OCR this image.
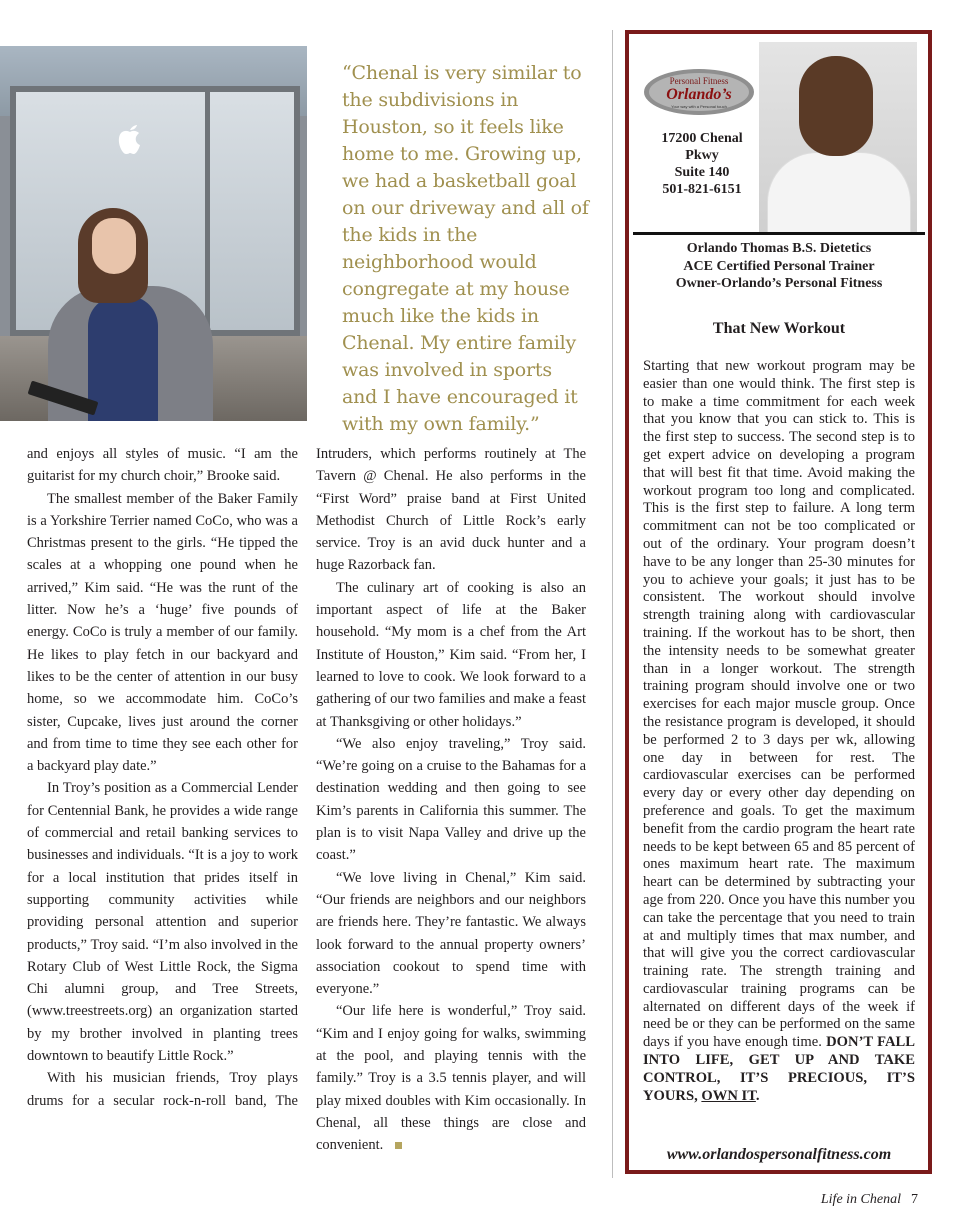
“Chenal is very similar to the subdivisions in Houston, so it feels like home to me. Growing up, we had a basketball goal on our driveway and all of the kids in the neighborhood would congregate at my house much like the kids in Chenal. My entire family was involved in sports and I have encouraged it with my own family.”

and enjoys all styles of music. “I am the guitarist for my church choir,” Brooke said.

The smallest member of the Baker Family is a Yorkshire Terrier named CoCo, who was a Christmas present to the girls. “He tipped the scales at a whopping one pound when he arrived,” Kim said. “He was the runt of the litter. Now he’s a ‘huge’ five pounds of energy. CoCo is truly a member of our family. He likes to play fetch in our backyard and likes to be the center of attention in our busy home, so we accommodate him. CoCo’s sister, Cupcake, lives just around the corner and from time to time they see each other for a backyard play date.”

In Troy’s position as a Commercial Lender for Centennial Bank, he provides a wide range of commercial and retail banking services to businesses and individuals. “It is a joy to work for a local institution that prides itself in supporting community activities while providing personal attention and superior products,” Troy said. “I’m also involved in the Rotary Club of West Little Rock, the Sigma Chi alumni group, and Tree Streets, (www.treestreets.org) an organization started by my brother involved in planting trees downtown to beautify Little Rock.”

With his musician friends, Troy plays drums for a secular rock-n-roll band, The

Intruders, which performs routinely at The Tavern @ Chenal. He also performs in the “First Word” praise band at First United Methodist Church of Little Rock’s early service. Troy is an avid duck hunter and a huge Razorback fan.

The culinary art of cooking is also an important aspect of life at the Baker household. “My mom is a chef from the Art Institute of Houston,” Kim said. “From her, I learned to love to cook. We look forward to a gathering of our two families and make a feast at Thanksgiving or other holidays.”

“We also enjoy traveling,” Troy said. “We’re going on a cruise to the Bahamas for a destination wedding and then going to see Kim’s parents in California this summer. The plan is to visit Napa Valley and drive up the coast.”

“We love living in Chenal,” Kim said. “Our friends are neighbors and our neighbors are friends here. They’re fantastic. We always look forward to the annual property owners’ association cookout to spend time with everyone.”

“Our life here is wonderful,” Troy said. “Kim and I enjoy going for walks, swimming at the pool, and playing tennis with the family.” Troy is a 3.5 tennis player, and will play mixed doubles with Kim occasionally. In Chenal, all these things are close and convenient.

Personal Fitness
Orlando’s
Your way with a Personal touch

17200 Chenal
Pkwy
Suite 140
501-821-6151

Orlando Thomas B.S. Dietetics
ACE Certified Personal Trainer
Owner-Orlando’s Personal Fitness

That New Workout

Starting that new workout program may be easier than one would think. The first step is to make a time commitment for each week that you know that you can stick to. This is the first step to success. The second step is to get expert advice on developing a program that will best fit that time. Avoid making the workout program too long and complicated. This is the first step to failure. A long term commitment can not be too complicated or out of the ordinary. Your program doesn’t have to be any longer than 25-30 minutes for you to achieve your goals; it just has to be consistent. The workout should involve strength training along with cardiovascular training. If the workout has to be short, then the intensity needs to be somewhat greater than in a longer workout. The strength training program should involve one or two exercises for each major muscle group. Once the resistance program is developed, it should be performed 2 to 3 days per wk, allowing one day in between for rest. The cardiovascular exercises can be performed every day or every other day depending on preference and goals. To get the maximum benefit from the cardio program the heart rate needs to be kept between 65 and 85 percent of ones maximum heart rate. The maximum heart can be determined by subtracting your age from 220. Once you have this number you can take the percentage that you need to train at and multiply times that max number, and that will give you the correct cardiovascular training rate. The strength training and cardiovascular training programs can be alternated on different days of the week if need be or they can be performed on the same days if you have enough time. DON’T FALL INTO LIFE, GET UP AND TAKE CONTROL, IT’S PRECIOUS, IT’S YOURS, OWN IT.

www.orlandospersonalfitness.com

Life in Chenal 7
